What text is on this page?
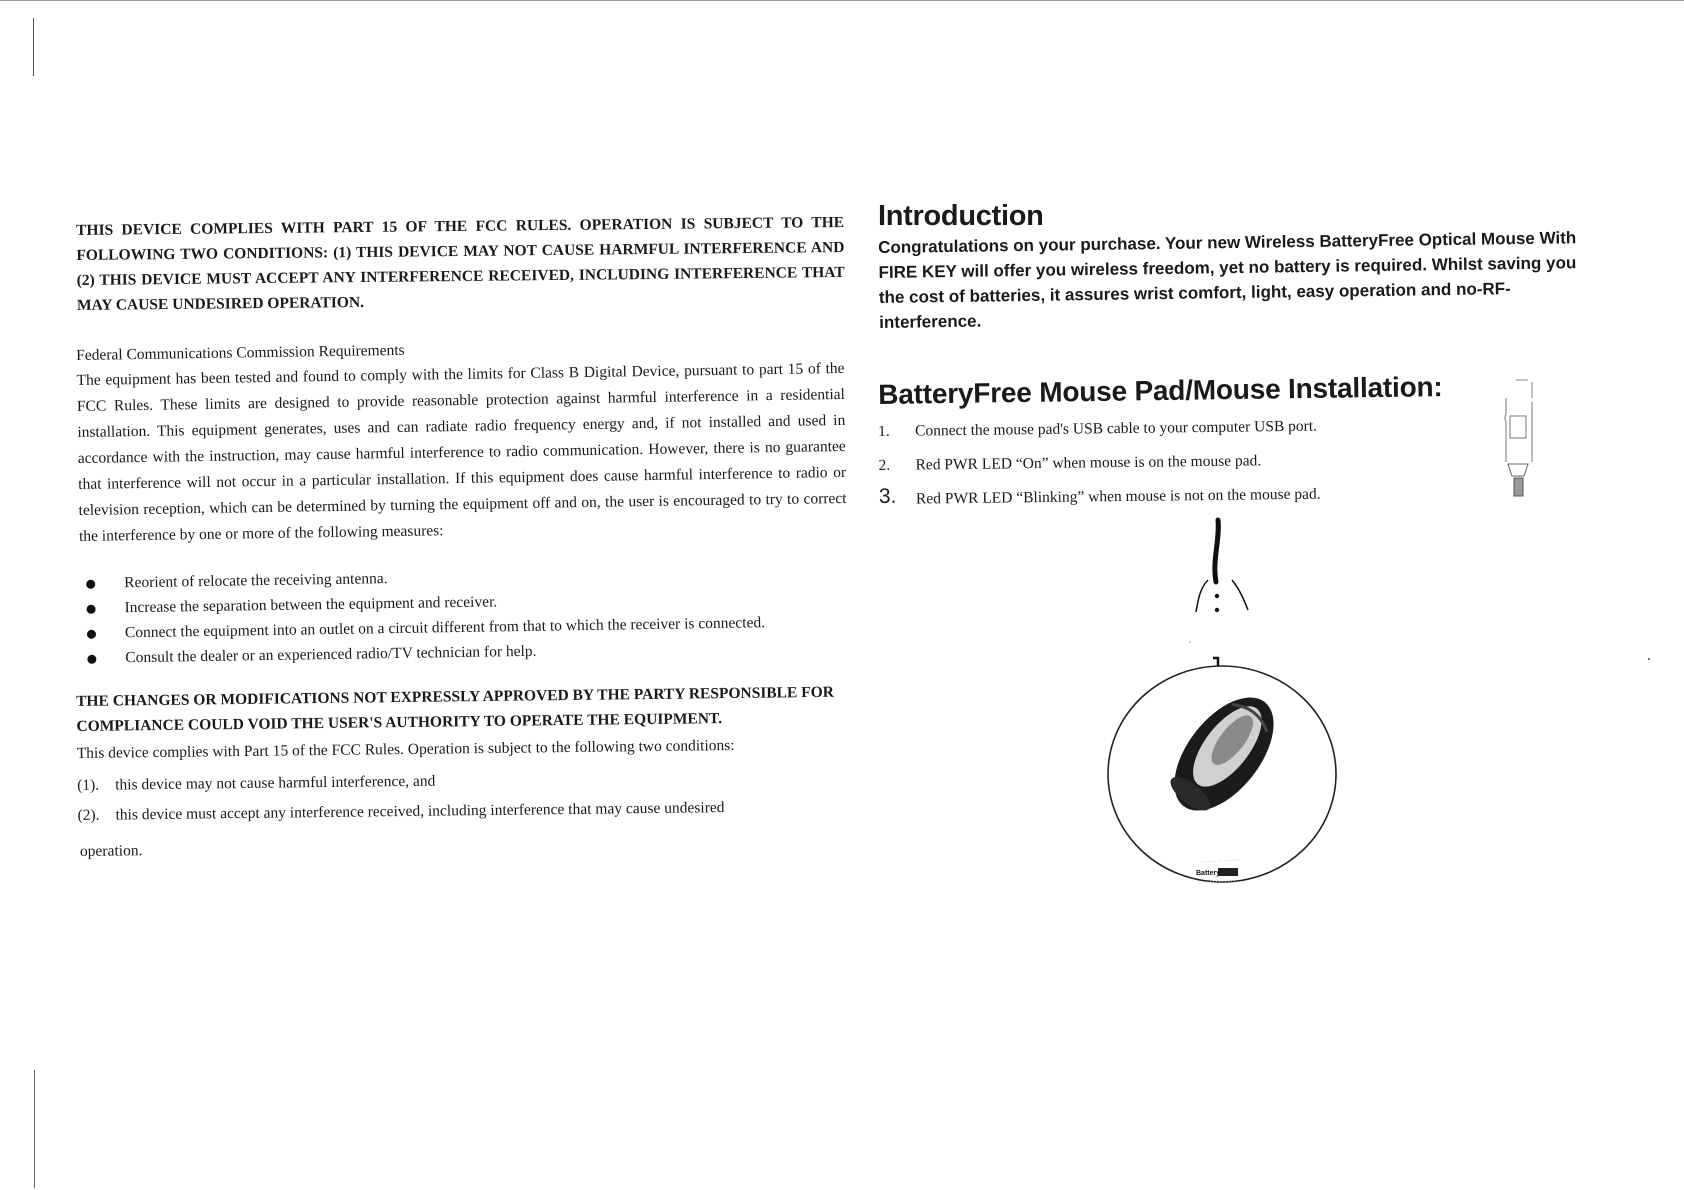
THIS DEVICE COMPLIES WITH PART 15 OF THE FCC RULES. OPERATION IS SUBJECT TO THE FOLLOWING TWO CONDITIONS: (1) THIS DEVICE MAY NOT CAUSE HARMFUL INTERFERENCE AND (2) THIS DEVICE MUST ACCEPT ANY INTERFERENCE RECEIVED, INCLUDING INTERFERENCE THAT MAY CAUSE UNDESIRED OPERATION.

Federal Communications Commission Requirements

The equipment has been tested and found to comply with the limits for Class B Digital Device, pursuant to part 15 of the FCC Rules. These limits are designed to provide reasonable protection against harmful interference in a residential installation. This equipment generates, uses and can radiate radio frequency energy and, if not installed and used in accordance with the instruction, may cause harmful interference to radio communication. However, there is no guarantee that interference will not occur in a particular installation. If this equipment does cause harmful interference to radio or television reception, which can be determined by turning the equipment off and on, the user is encouraged to try to correct the interference by one or more of the following measures:

Reorient of relocate the receiving antenna.
Increase the separation between the equipment and receiver.
Connect the equipment into an outlet on a circuit different from that to which the receiver is connected.
Consult the dealer or an experienced radio/TV technician for help.

THE CHANGES OR MODIFICATIONS NOT EXPRESSLY APPROVED BY THE PARTY RESPONSIBLE FOR COMPLIANCE COULD VOID THE USER'S AUTHORITY TO OPERATE THE EQUIPMENT.

This device complies with Part 15 of the FCC Rules. Operation is subject to the following two conditions:

(1). this device may not cause harmful interference, and
(2). this device must accept any interference received, including interference that may cause undesired

operation.

Introduction

Congratulations on your purchase. Your new Wireless BatteryFree Optical Mouse With FIRE KEY will offer you wireless freedom, yet no battery is required. Whilst saving you the cost of batteries, it assures wrist comfort, light, easy operation and no-RF-interference.

BatteryFree Mouse Pad/Mouse Installation:
1. Connect the mouse pad's USB cable to your computer USB port.
2. Red PWR LED “On” when mouse is on the mouse pad.
3. Red PWR LED “Blinking” when mouse is not on the mouse pad.
Battery
